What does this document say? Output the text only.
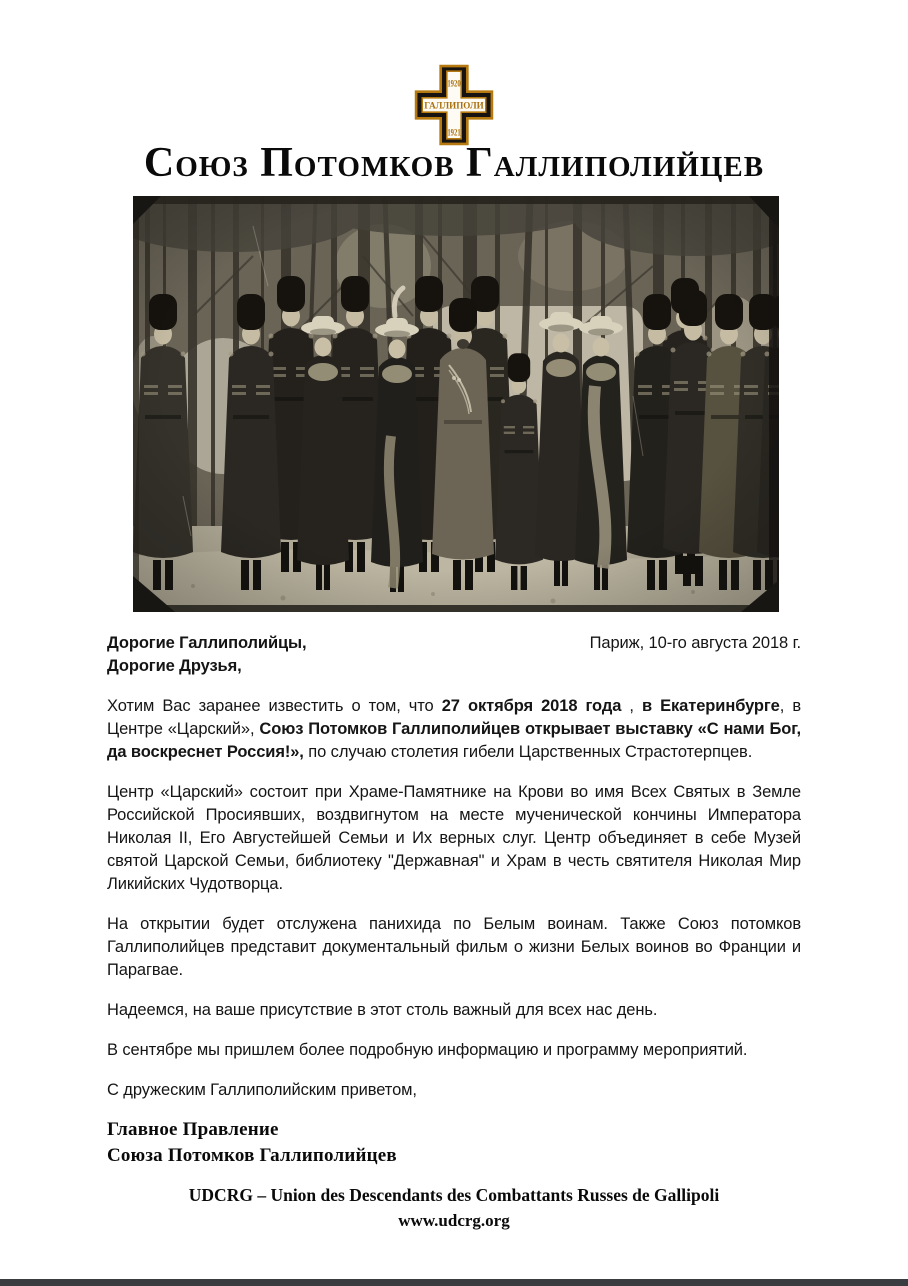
1920
ГАЛЛИПОЛИ
1921
Союз Потомков Галлиполийцев
Дорогие Галлиполийцы,	Париж, 10-го августа 2018 г.
Дорогие Друзья,

Хотим Вас заранее известить о том, что 27 октября 2018 года , в Екатеринбурге, в Центре «Царский», Союз Потомков Галлиполийцев открывает выставку «С нами Бог, да воскреснет Россия!», по случаю столетия гибели Царственных Страстотерпцев.

Центр «Царский» состоит при Храме-Памятнике на Крови во имя Всех Святых в Земле Российской Просиявших, воздвигнутом на месте мученической кончины Императора Николая II, Его Августейшей Семьи и Их верных слуг. Центр объединяет в себе Музей святой Царской Семьи, библиотеку "Державная" и Храм в честь святителя Николая Мир Ликийских Чудотворца.

На открытии будет отслужена панихида по Белым воинам. Также Союз потомков Галлиполийцев представит документальный фильм о жизни Белых воинов во Франции и Парагвае.

Надеемся, на ваше присутствие в этот столь важный для всех нас день.

В сентябре мы пришлем более подробную информацию и программу мероприятий.

С дружеским Галлиполийским приветом,

Главное Правление
Союза Потомков Галлиполийцев
UDCRG – Union des Descendants des Combattants Russes de Gallipoli
www.udcrg.org
